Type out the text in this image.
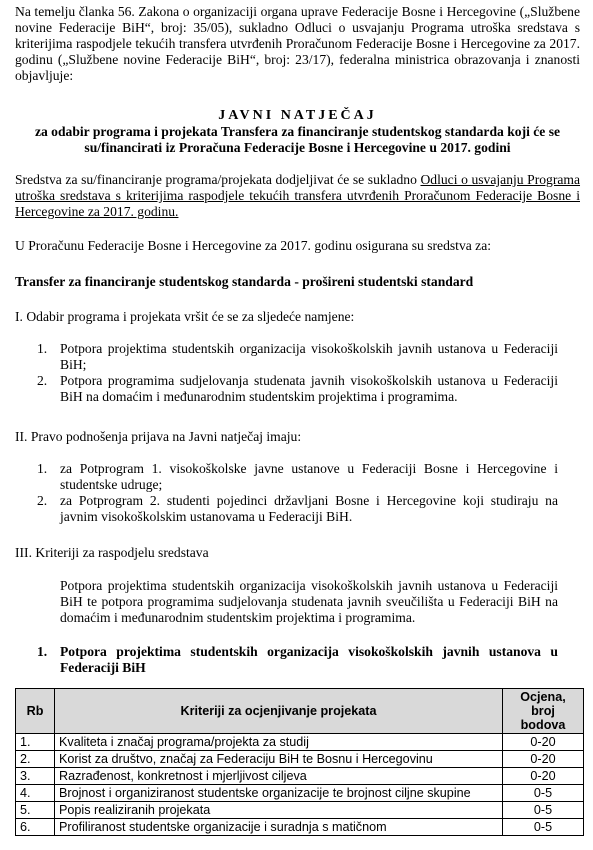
Na temelju članka 56. Zakona o organizaciji organa uprave Federacije Bosne i Hercegovine („Službene novine Federacije BiH“, broj: 35/05), sukladno Odluci o usvajanju Programa utroška sredstava s kriterijima raspodjele tekućih transfera utvrđenih Proračunom Federacije Bosne i Hercegovine za 2017. godinu („Službene novine Federacije BiH“, broj: 23/17), federalna ministrica obrazovanja i znanosti objavljuje:
JAVNI NATJEČAJ
za odabir programa i projekata Transfera za financiranje studentskog standarda koji će se su/financirati iz Proračuna Federacije Bosne i Hercegovine u 2017. godini
Sredstva za su/financiranje programa/projekata dodjeljivat će se sukladno Odluci o usvajanju Programa utroška sredstava s kriterijima raspodjele tekućih transfera utvrđenih Proračunom Federacije Bosne i Hercegovine za 2017. godinu.
U Proračunu Federacije Bosne i Hercegovine za 2017. godinu osigurana su sredstva za:
Transfer za financiranje studentskog standarda - prošireni studentski standard
I. Odabir programa i projekata vršit će se za sljedeće namjene:
1. Potpora projektima studentskih organizacija visokoškolskih javnih ustanova u Federaciji BiH;
2. Potpora programima sudjelovanja studenata javnih visokoškolskih ustanova u Federaciji BiH na domaćim i međunarodnim studentskim projektima i programima.
II. Pravo podnošenja prijava na Javni natječaj imaju:
1. za Potprogram 1. visokoškolske javne ustanove u Federaciji Bosne i Hercegovine i studentske udruge;
2. za Potprogram 2. studenti pojedinci državljani Bosne i Hercegovine koji studiraju na javnim visokoškolskim ustanovama u Federaciji BiH.
III. Kriteriji za raspodjelu sredstava
Potpora projektima studentskih organizacija visokoškolskih javnih ustanova u Federaciji BiH te potpora programima sudjelovanja studenata javnih sveučilišta u Federaciji BiH na domaćim i međunarodnim studentskim projektima i programima.
1. Potpora projektima studentskih organizacija visokoškolskih javnih ustanova u Federaciji BiH
Rb	Kriteriji za ocjenjivanje projekata	Ocjena, broj bodova
1.	Kvaliteta i značaj programa/projekta za studij	0-20
2.	Korist za društvo, značaj za Federaciju BiH te Bosnu i Hercegovinu	0-20
3.	Razrađenost, konkretnost i mjerljivost ciljeva	0-20
4.	Brojnost i organiziranost studentske organizacije te brojnost ciljne skupine	0-5
5.	Popis realiziranih projekata	0-5
6.	Profiliranost studentske organizacije i suradnja s matičnom	0-5
